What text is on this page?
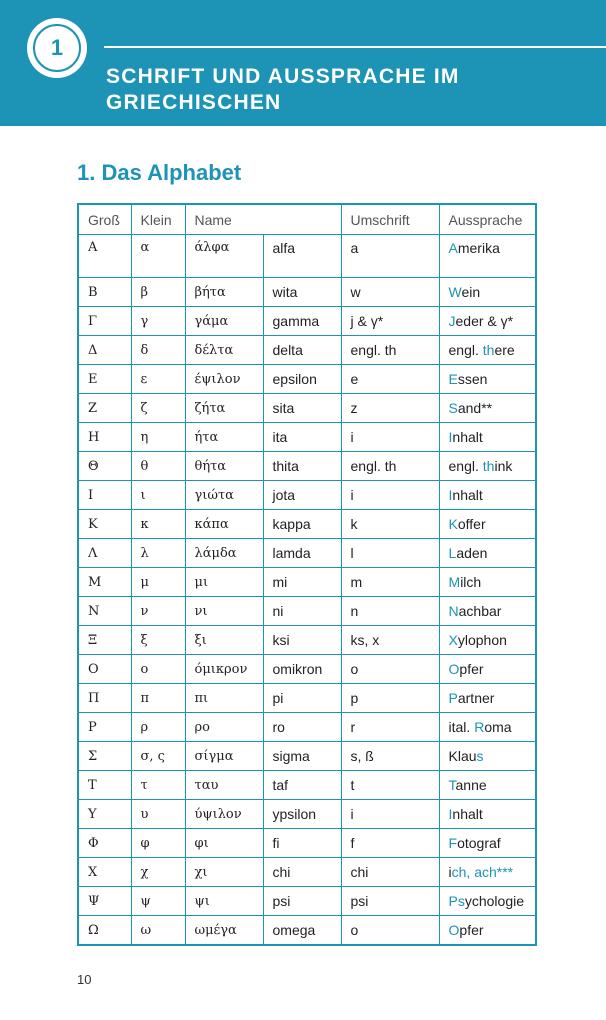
1
SCHRIFT UND AUSSPRACHE IM
GRIECHISCHEN
1. Das Alphabet
Groß	Klein	Name		Umschrift	Aussprache
Α	α	άλφα	alfa	a	Amerika
Β	β	βήτα	wita	w	Wein
Γ	γ	γάμα	gamma	j & γ*	Jeder & γ*
Δ	δ	δέλτα	delta	engl. th	engl. there
Ε	ε	έψιλον	epsilon	e	Essen
Ζ	ζ	ζήτα	sita	z	Sand**
Η	η	ήτα	ita	i	Inhalt
Θ	θ	θήτα	thita	engl. th	engl. think
Ι	ι	γιώτα	jota	i	Inhalt
Κ	κ	κάπα	kappa	k	Koffer
Λ	λ	λάμδα	lamda	l	Laden
Μ	μ	μι	mi	m	Milch
Ν	ν	νι	ni	n	Nachbar
Ξ	ξ	ξι	ksi	ks, x	Xylophon
Ο	ο	όμικρον	omikron	o	Opfer
Π	π	πι	pi	p	Partner
Ρ	ρ	ρο	ro	r	ital. Roma
Σ	σ, ς	σίγμα	sigma	s, ß	Klaus
Τ	τ	ταυ	taf	t	Tanne
Υ	υ	ύψιλον	ypsilon	i	Inhalt
Φ	φ	φι	fi	f	Fotograf
Χ	χ	χι	chi	chi	ich, ach***
Ψ	ψ	ψι	psi	psi	Psychologie
Ω	ω	ωμέγα	omega	o	Opfer
10
